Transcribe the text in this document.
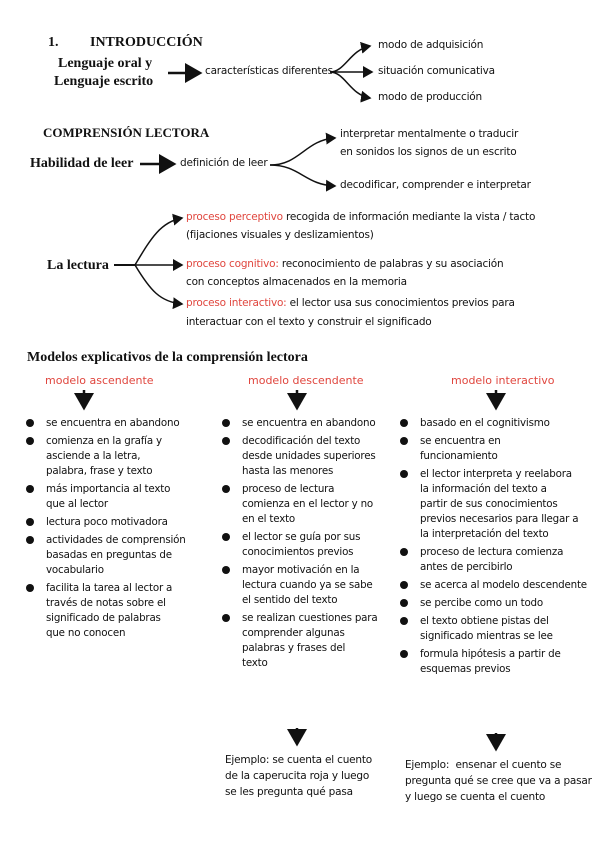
1. INTRODUCCIÓN
Lenguaje oral y
Lenguaje escrito
características diferentes
modo de adquisición
situación comunicativa
modo de producción
COMPRENSIÓN LECTORA
Habilidad de leer	definición de leer
interpretar mentalmente o traducir
en sonidos los signos de un escrito
decodificar, comprender e interpretar
La lectura
proceso perceptivo recogida de información mediante la vista / tacto
(fijaciones visuales y deslizamientos)
proceso cognitivo: reconocimiento de palabras y su asociación
con conceptos almacenados en la memoria
proceso interactivo: el lector usa sus conocimientos previos para
interactuar con el texto y construir el significado
Modelos explicativos de la comprensión lectora
modelo ascendente	modelo descendente	modelo interactivo
se encuentra en abandono
comienza en la grafía y
asciende a la letra,
palabra, frase y texto
más importancia al texto
que al lector
lectura poco motivadora
actividades de comprensión
basadas en preguntas de
vocabulario
facilita la tarea al lector a
través de notas sobre el
significado de palabras
que no conocen
se encuentra en abandono
decodificación del texto
desde unidades superiores
hasta las menores
proceso de lectura
comienza en el lector y no
en el texto
el lector se guía por sus
conocimientos previos
mayor motivación en la
lectura cuando ya se sabe
el sentido del texto
se realizan cuestiones para
comprender algunas
palabras y frases del
texto
basado en el cognitivismo
se encuentra en
funcionamiento
el lector interpreta y reelabora
la información del texto a
partir de sus conocimientos
previos necesarios para llegar a
la interpretación del texto
proceso de lectura comienza
antes de percibirlo
se acerca al modelo descendente
se percibe como un todo
el texto obtiene pistas del
significado mientras se lee
formula hipótesis a partir de
esquemas previos
Ejemplo: se cuenta el cuento
de la caperucita roja y luego
se les pregunta qué pasa
Ejemplo:  ensenar el cuento se
pregunta qué se cree que va a pasar
y luego se cuenta el cuento
